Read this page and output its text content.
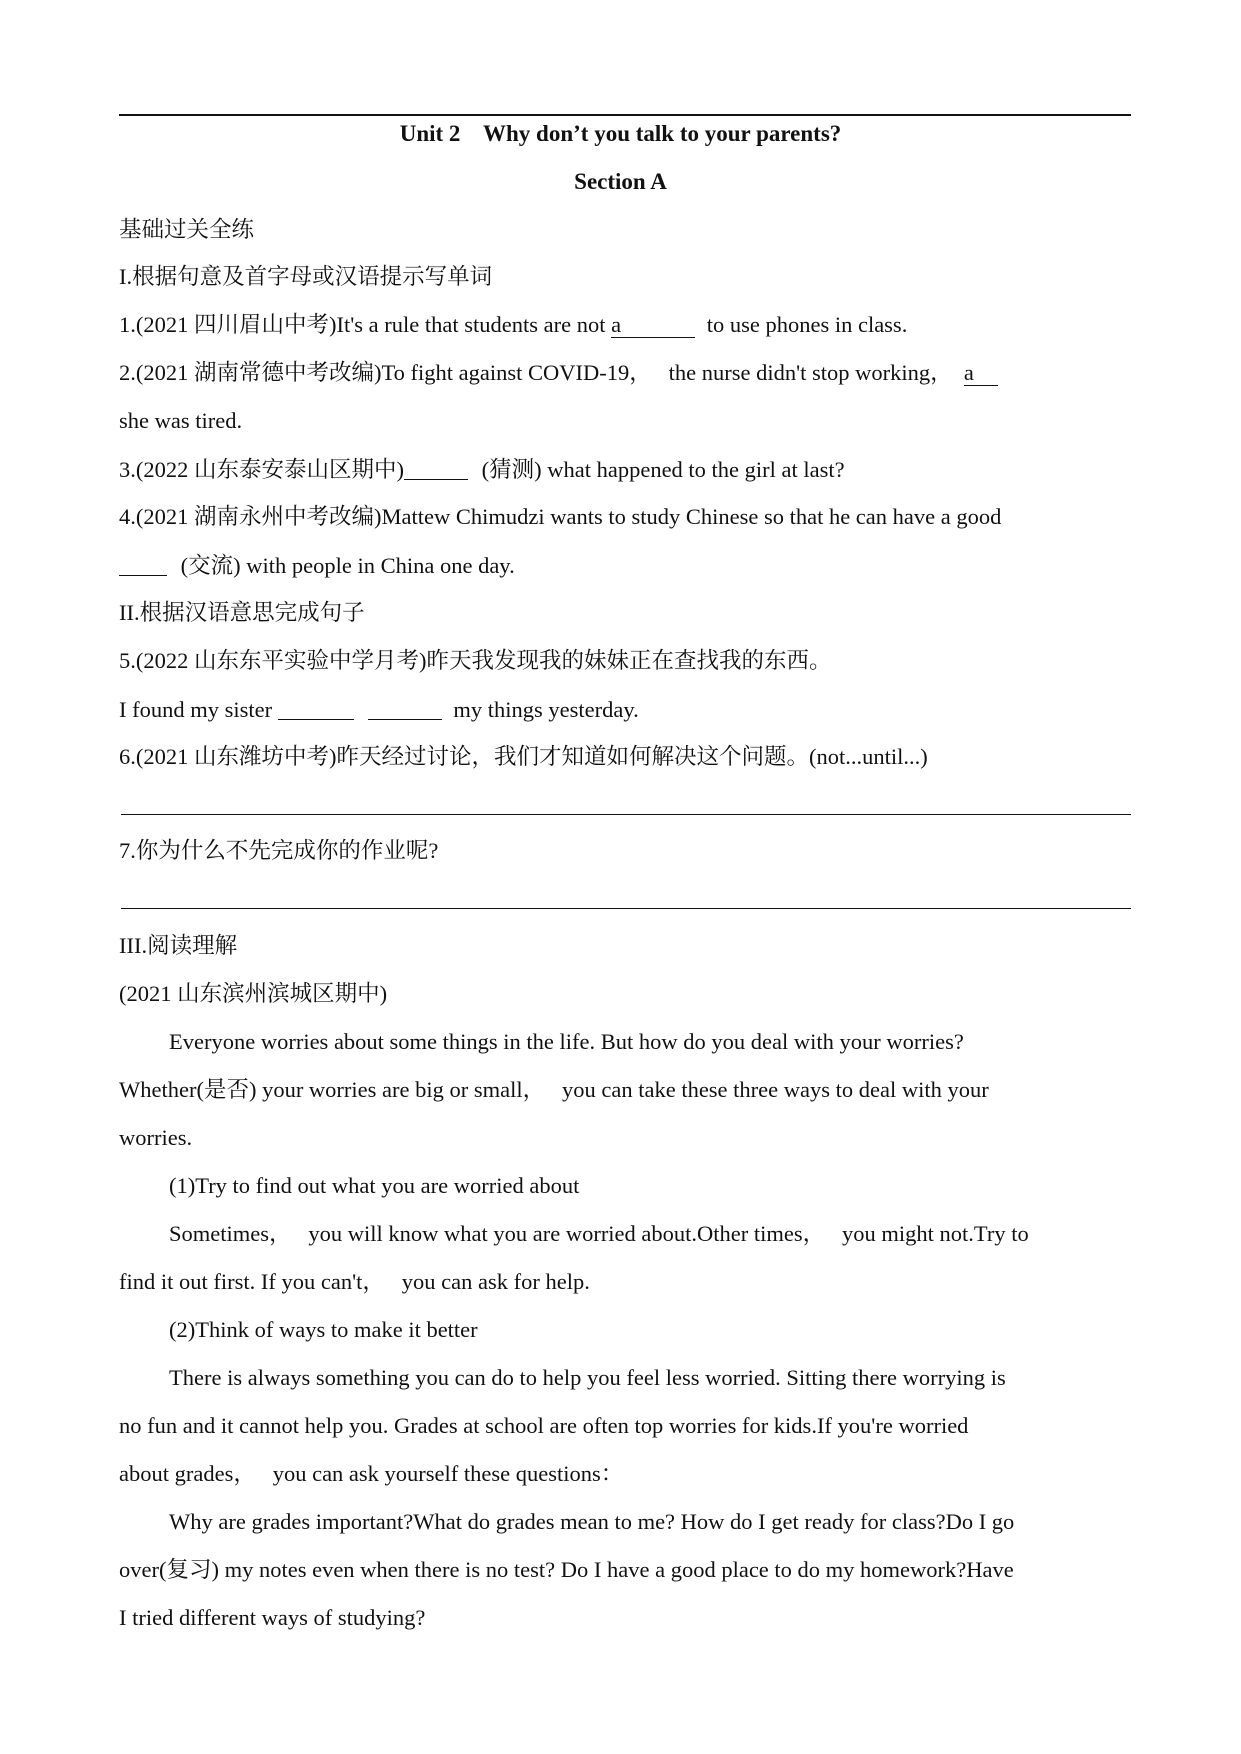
Unit 2    Why don’t you talk to your parents?
Section A
基础过关全练
I.根据句意及首字母或汉语提示写单词
1.(2021 四川眉山中考)It's a rule that students are not a	to use phones in class.
2.(2021 湖南常德中考改编)To fight against COVID-19，   the nurse didn't stop working，  a
she was tired.
3.(2022 山东泰安泰山区期中)	(猜测) what happened to the girl at last?
4.(2021 湖南永州中考改编)Mattew Chimudzi wants to study Chinese so that he can have a good
(交流) with people in China one day.
II.根据汉语意思完成句子
5.(2022 山东东平实验中学月考)昨天我发现我的妹妹正在查找我的东西。
I found my sister	my things yesterday.
6.(2021 山东潍坊中考)昨天经过讨论，我们才知道如何解决这个问题。(not...until...)
7.你为什么不先完成你的作业呢?
III.阅读理解
(2021 山东滨州滨城区期中)
Everyone worries about some things in the life. But how do you deal with your worries?
Whether(是否) your worries are big or small，   you can take these three ways to deal with your
worries.
(1)Try to find out what you are worried about
Sometimes，   you will know what you are worried about.Other times，   you might not.Try to
find it out first. If you can't，   you can ask for help.
(2)Think of ways to make it better
There is always something you can do to help you feel less worried. Sitting there worrying is
no fun and it cannot help you. Grades at school are often top worries for kids.If you're worried
about grades，   you can ask yourself these questions：
Why are grades important?What do grades mean to me? How do I get ready for class?Do I go
over(复习) my notes even when there is no test? Do I have a good place to do my homework?Have
I tried different ways of studying?
